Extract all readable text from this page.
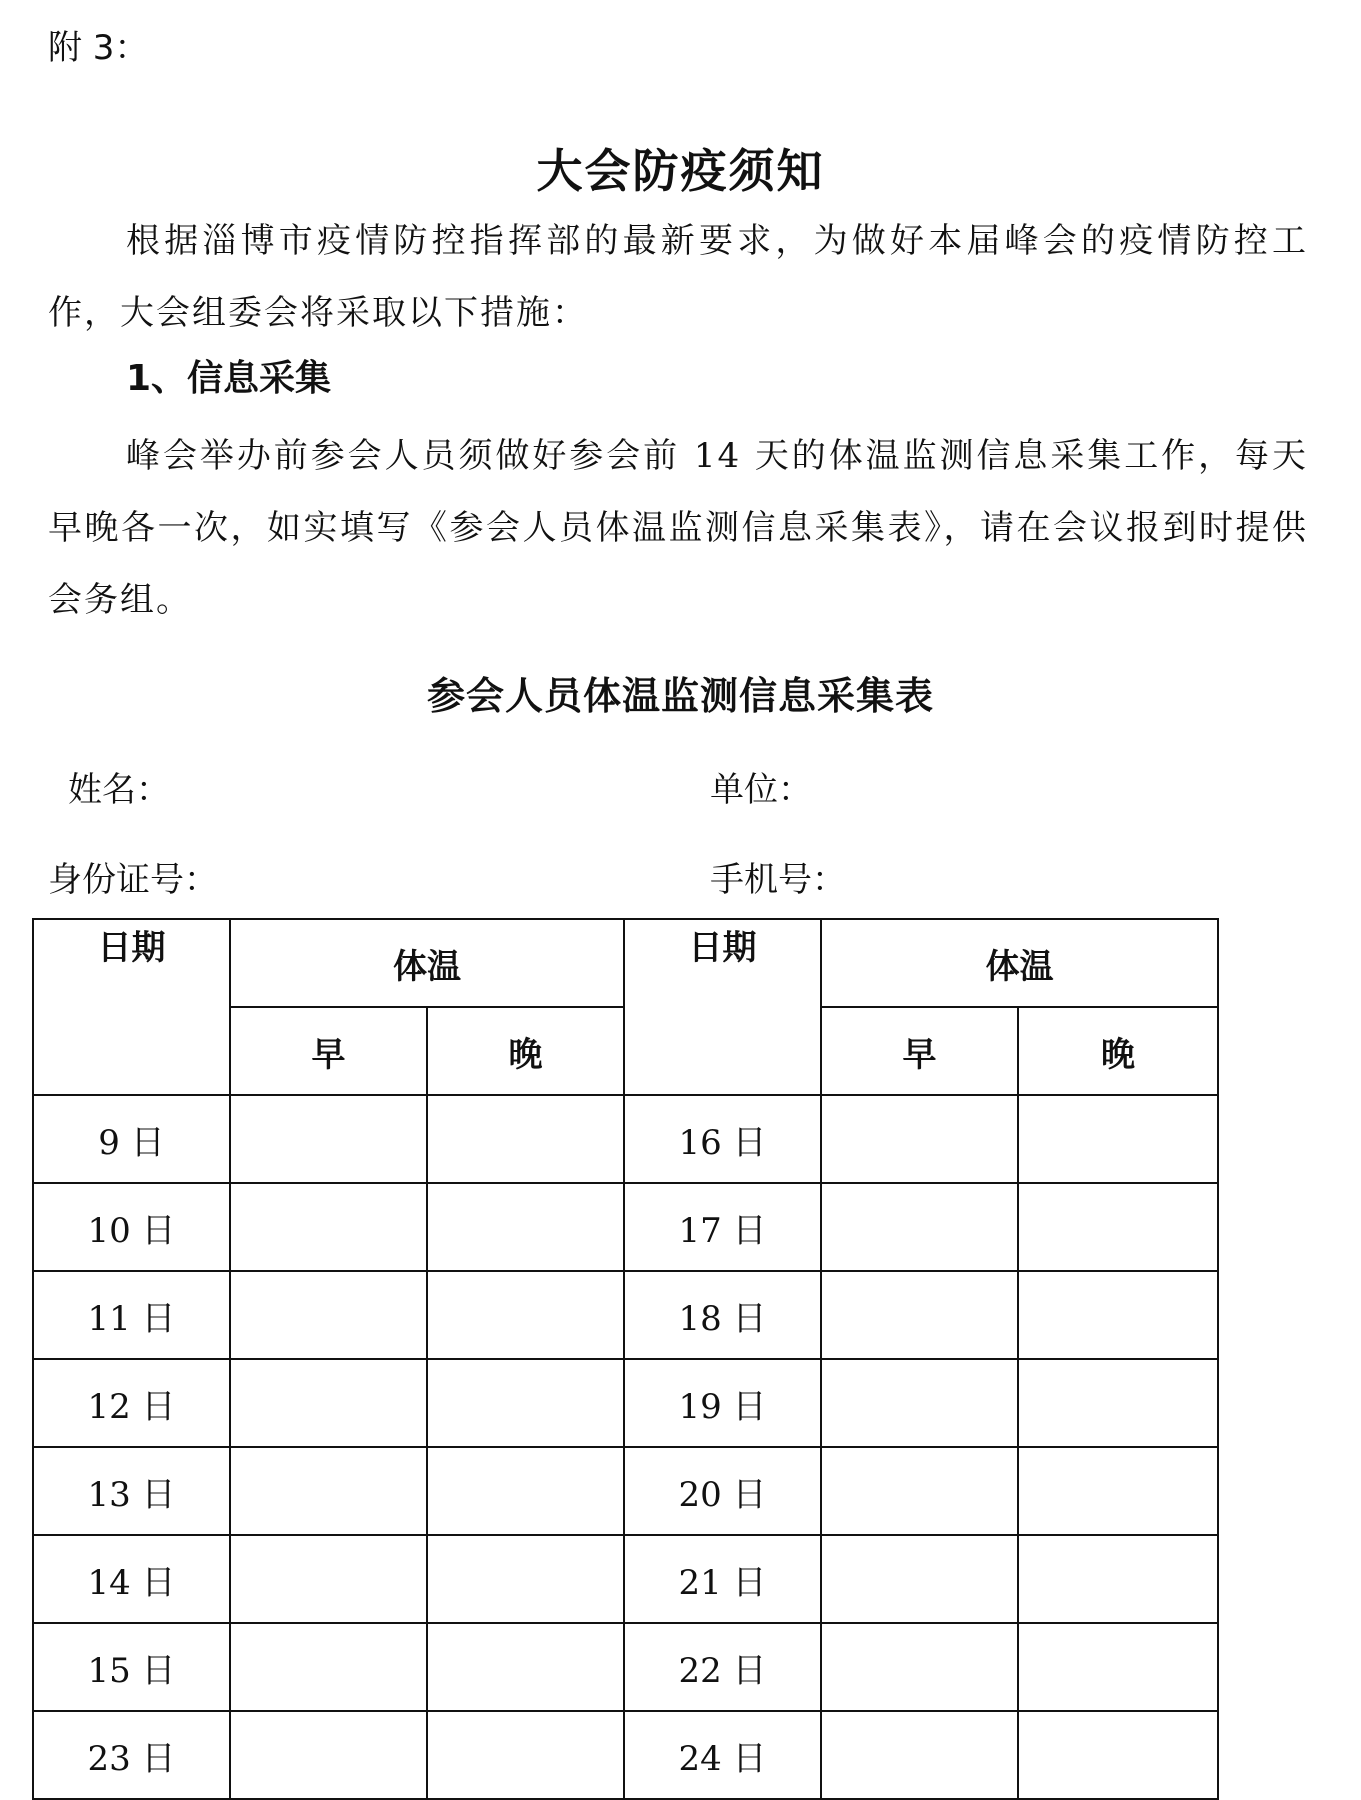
附 3：
大会防疫须知
根据淄博市疫情防控指挥部的最新要求，为做好本届峰会的疫情防控工作，大会组委会将采取以下措施：
1、信息采集
峰会举办前参会人员须做好参会前 14 天的体温监测信息采集工作，每天早晚各一次，如实填写《参会人员体温监测信息采集表》，请在会议报到时提供会务组。
参会人员体温监测信息采集表
姓名：	单位：
身份证号：	手机号：
日期	体温		日期	体温	
	早	晚		早	晚
9 日			16 日		
10 日			17 日		
11 日			18 日		
12 日			19 日		
13 日			20 日		
14 日			21 日		
15 日			22 日		
23 日			24 日		
